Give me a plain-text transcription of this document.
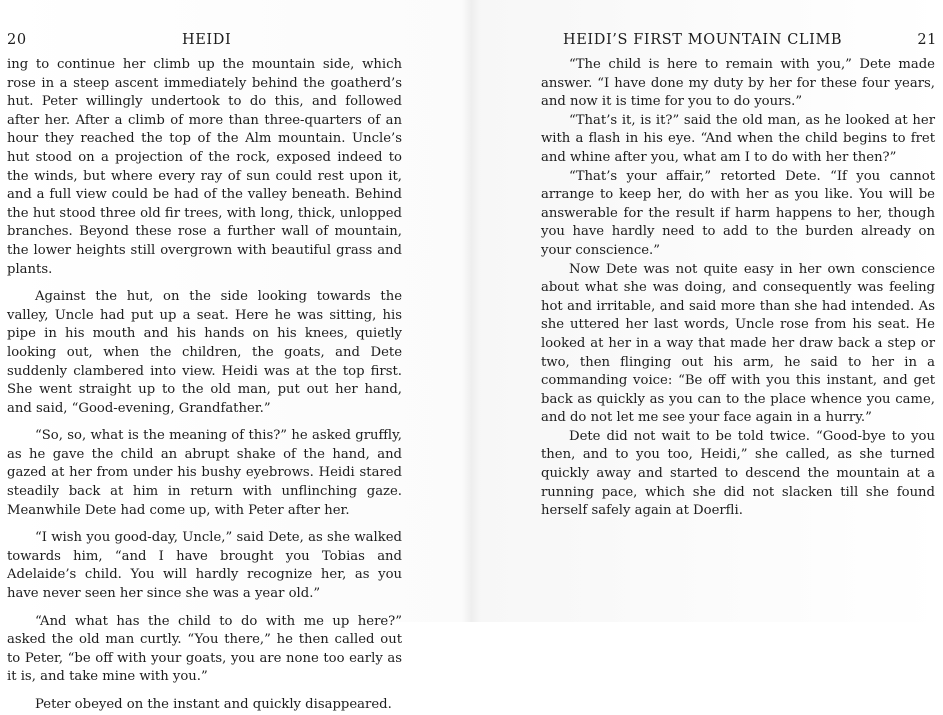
20	HEIDI

ing to continue her climb up the mountain side, which rose in a steep ascent immediately behind the goatherd’s hut. Peter willingly undertook to do this, and followed after her. After a climb of more than three-quarters of an hour they reached the top of the Alm mountain. Uncle’s hut stood on a projection of the rock, exposed indeed to the winds, but where every ray of sun could rest upon it, and a full view could be had of the valley beneath. Behind the hut stood three old fir trees, with long, thick, unlopped branches. Beyond these rose a further wall of mountain, the lower heights still overgrown with beautiful grass and plants.

Against the hut, on the side looking towards the valley, Uncle had put up a seat. Here he was sitting, his pipe in his mouth and his hands on his knees, quietly looking out, when the children, the goats, and Dete suddenly clambered into view. Heidi was at the top first. She went straight up to the old man, put out her hand, and said, “Good-evening, Grandfather.”

“So, so, what is the meaning of this?” he asked gruffly, as he gave the child an abrupt shake of the hand, and gazed at her from under his bushy eyebrows. Heidi stared steadily back at him in return with unflinching gaze. Meanwhile Dete had come up, with Peter after her.

“I wish you good-day, Uncle,” said Dete, as she walked towards him, “and I have brought you Tobias and Adelaide’s child. You will hardly recognize her, as you have never seen her since she was a year old.”

“And what has the child to do with me up here?” asked the old man curtly. “You there,” he then called out to Peter, “be off with your goats, you are none too early as it is, and take mine with you.”

Peter obeyed on the instant and quickly disappeared.

HEIDI’S FIRST MOUNTAIN CLIMB	21

“The child is here to remain with you,” Dete made answer. “I have done my duty by her for these four years, and now it is time for you to do yours.”

“That’s it, is it?” said the old man, as he looked at her with a flash in his eye. “And when the child begins to fret and whine after you, what am I to do with her then?”

“That’s your affair,” retorted Dete. “If you cannot arrange to keep her, do with her as you like. You will be answerable for the result if harm happens to her, though you have hardly need to add to the burden already on your conscience.”

Now Dete was not quite easy in her own conscience about what she was doing, and consequently was feeling hot and irritable, and said more than she had intended. As she uttered her last words, Uncle rose from his seat. He looked at her in a way that made her draw back a step or two, then flinging out his arm, he said to her in a commanding voice: “Be off with you this instant, and get back as quickly as you can to the place whence you came, and do not let me see your face again in a hurry.”

Dete did not wait to be told twice. “Good-bye to you then, and to you too, Heidi,” she called, as she turned quickly away and started to descend the mountain at a running pace, which she did not slacken till she found herself safely again at Doerfli.
